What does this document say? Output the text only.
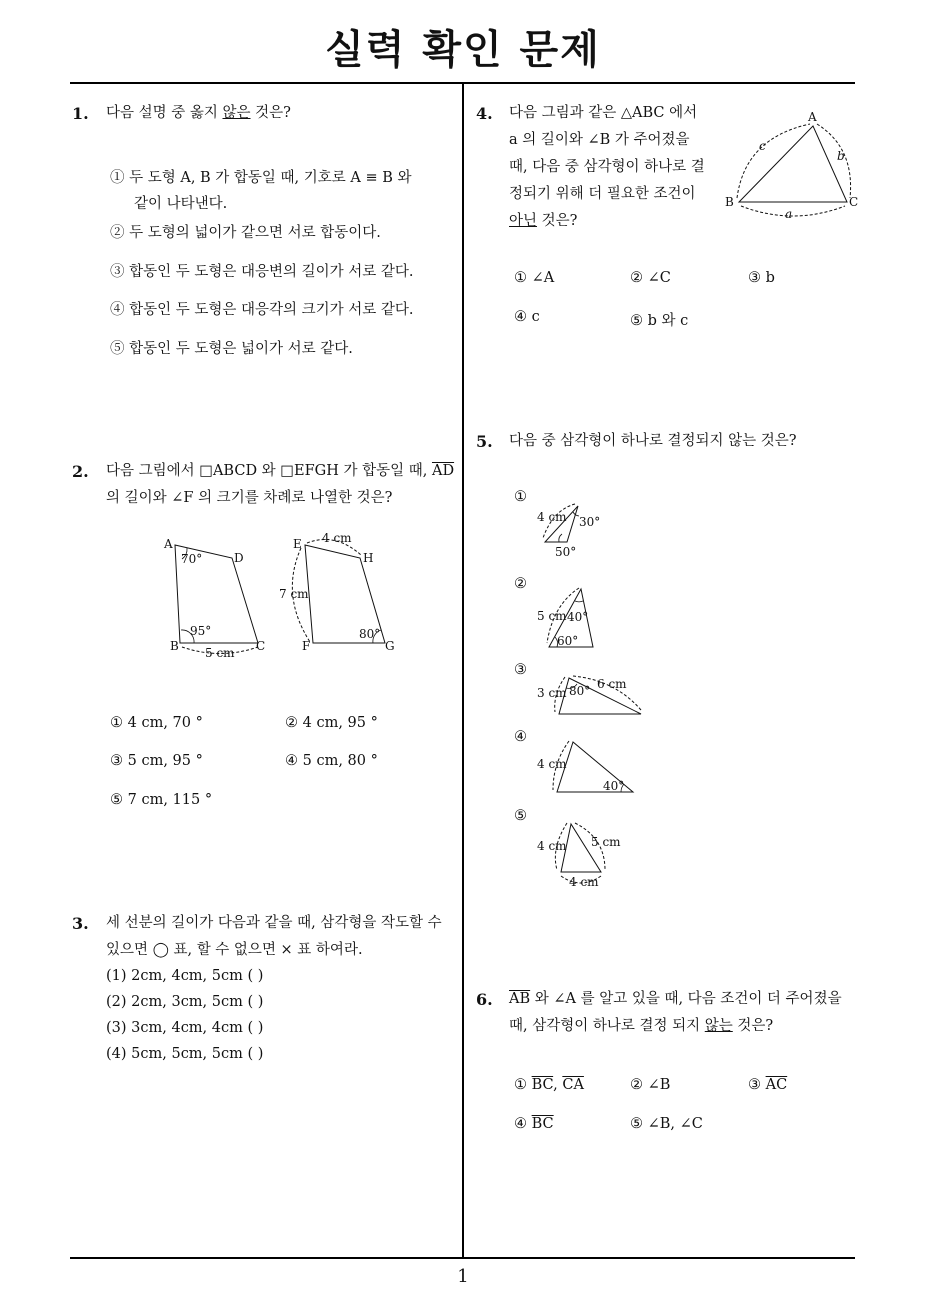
실력 확인 문제
1
1. 다음 설명 중 옳지 않은 것은?
① 두 도형 A, B 가 합동일 때, 기호로 A ≡ B 와
같이 나타낸다.
② 두 도형의 넓이가 같으면 서로 합동이다.
③ 합동인 두 도형은 대응변의 길이가 서로 같다.
④ 합동인 두 도형은 대응각의 크기가 서로 같다.
⑤ 합동인 두 도형은 넓이가 서로 같다.
2. 다음 그림에서 □ABCD 와 □EFGH 가 합동일 때, $\overline{AD}$
의 길이와 ∠F 의 크기를 차례로 나열한 것은?
A
D
B	C
70°
95°
5 cm
E
H
F	G
4 cm
7 cm
80°
① 4 cm, 70 °	② 4 cm, 95 °
③ 5 cm, 95 °	④ 5 cm, 80 °
⑤ 7 cm, 115 °
3. 세 선분의 길이가 다음과 같을 때, 삼각형을 작도할 수
있으면 ◯ 표, 할 수 없으면 × 표 하여라.
(1) 2cm, 4cm, 5cm ( )
(2) 2cm, 3cm, 5cm ( )
(3) 3cm, 4cm, 4cm ( )
(4) 5cm, 5cm, 5cm ( )
4. 다음 그림과 같은 △ABC 에서
a 의 길이와 ∠B 가 주어졌을
때, 다음 중 삼각형이 하나로 결
정되기 위해 더 필요한 조건이
아닌 것은?
A
B	C
c
b
a
① ∠A	② ∠C	③ b
④ c	⑤ b 와 c
5. 다음 중 삼각형이 하나로 결정되지 않는 것은?
①
4 cm 30°
50°
②
5 cm 40°
60°
③
3 cm 80° 6 cm
④
4 cm
40°
⑤
4 cm 5 cm
4 cm
6. $\overline{AB}$ 와 ∠A 를 알고 있을 때, 다음 조건이 더 주어졌을
때, 삼각형이 하나로 결정 되지 않는 것은?
① $\overline{BC}$, $\overline{CA}$	② ∠B	③ $\overline{AC}$
④ $\overline{BC}$	⑤ ∠B, ∠C
